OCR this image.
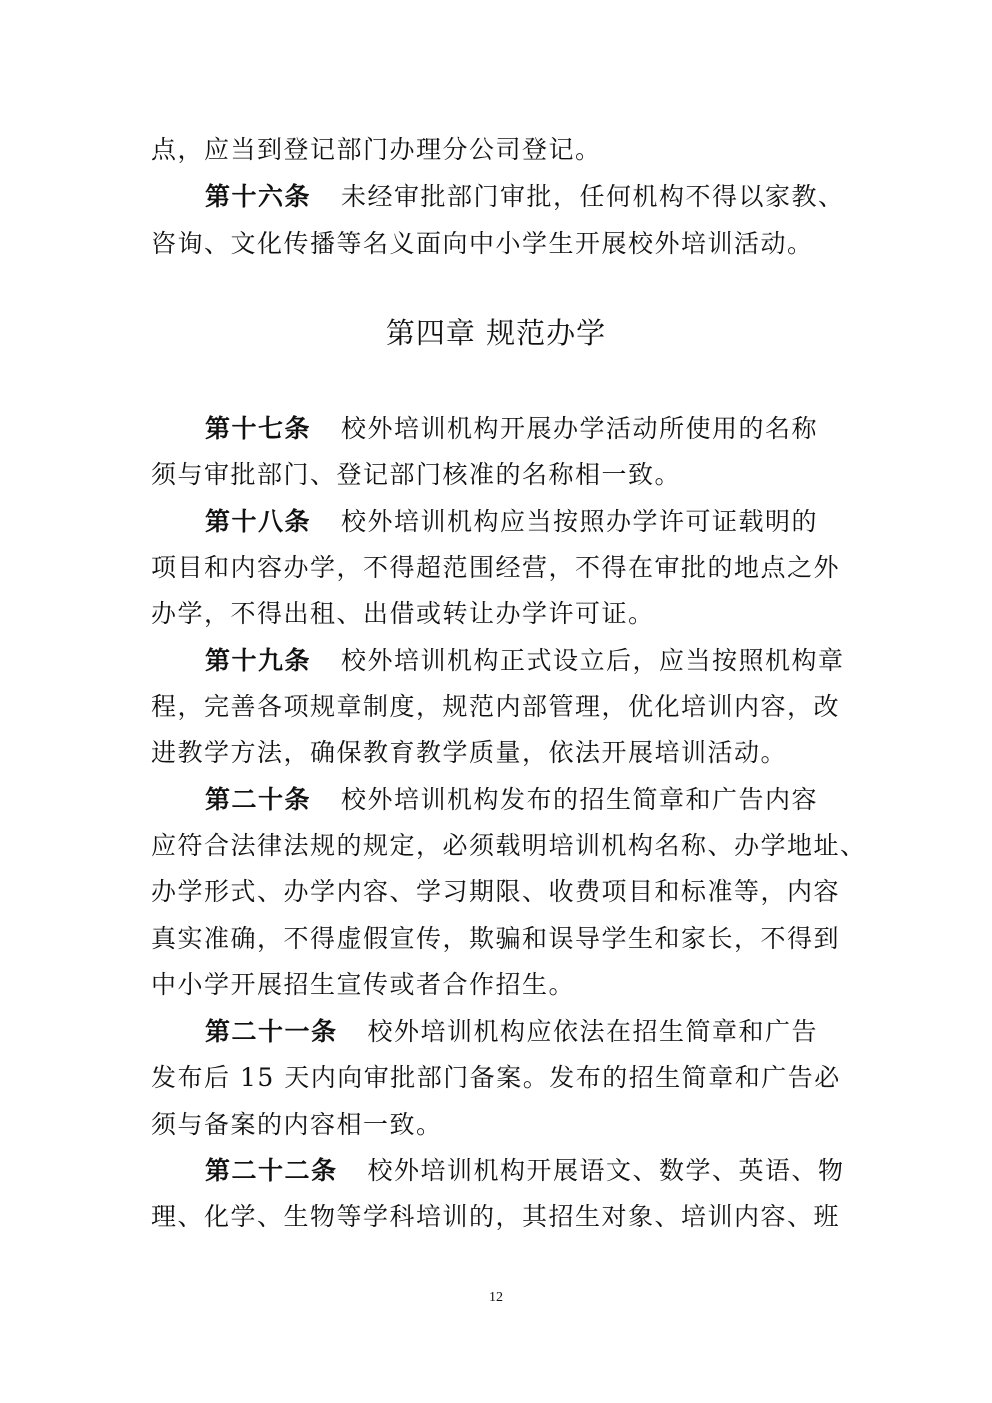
点，应当到登记部门办理分公司登记。
第十六条 未经审批部门审批，任何机构不得以家教、
咨询、文化传播等名义面向中小学生开展校外培训活动。
第四章 规范办学
第十七条 校外培训机构开展办学活动所使用的名称
须与审批部门、登记部门核准的名称相一致。
第十八条 校外培训机构应当按照办学许可证载明的
项目和内容办学，不得超范围经营，不得在审批的地点之外
办学，不得出租、出借或转让办学许可证。
第十九条 校外培训机构正式设立后，应当按照机构章
程，完善各项规章制度，规范内部管理，优化培训内容，改
进教学方法，确保教育教学质量，依法开展培训活动。
第二十条 校外培训机构发布的招生简章和广告内容
应符合法律法规的规定，必须载明培训机构名称、办学地址、
办学形式、办学内容、学习期限、收费项目和标准等，内容
真实准确，不得虚假宣传，欺骗和误导学生和家长，不得到
中小学开展招生宣传或者合作招生。
第二十一条 校外培训机构应依法在招生简章和广告
发布后 15 天内向审批部门备案。发布的招生简章和广告必
须与备案的内容相一致。
第二十二条 校外培训机构开展语文、数学、英语、物
理、化学、生物等学科培训的，其招生对象、培训内容、班
12
